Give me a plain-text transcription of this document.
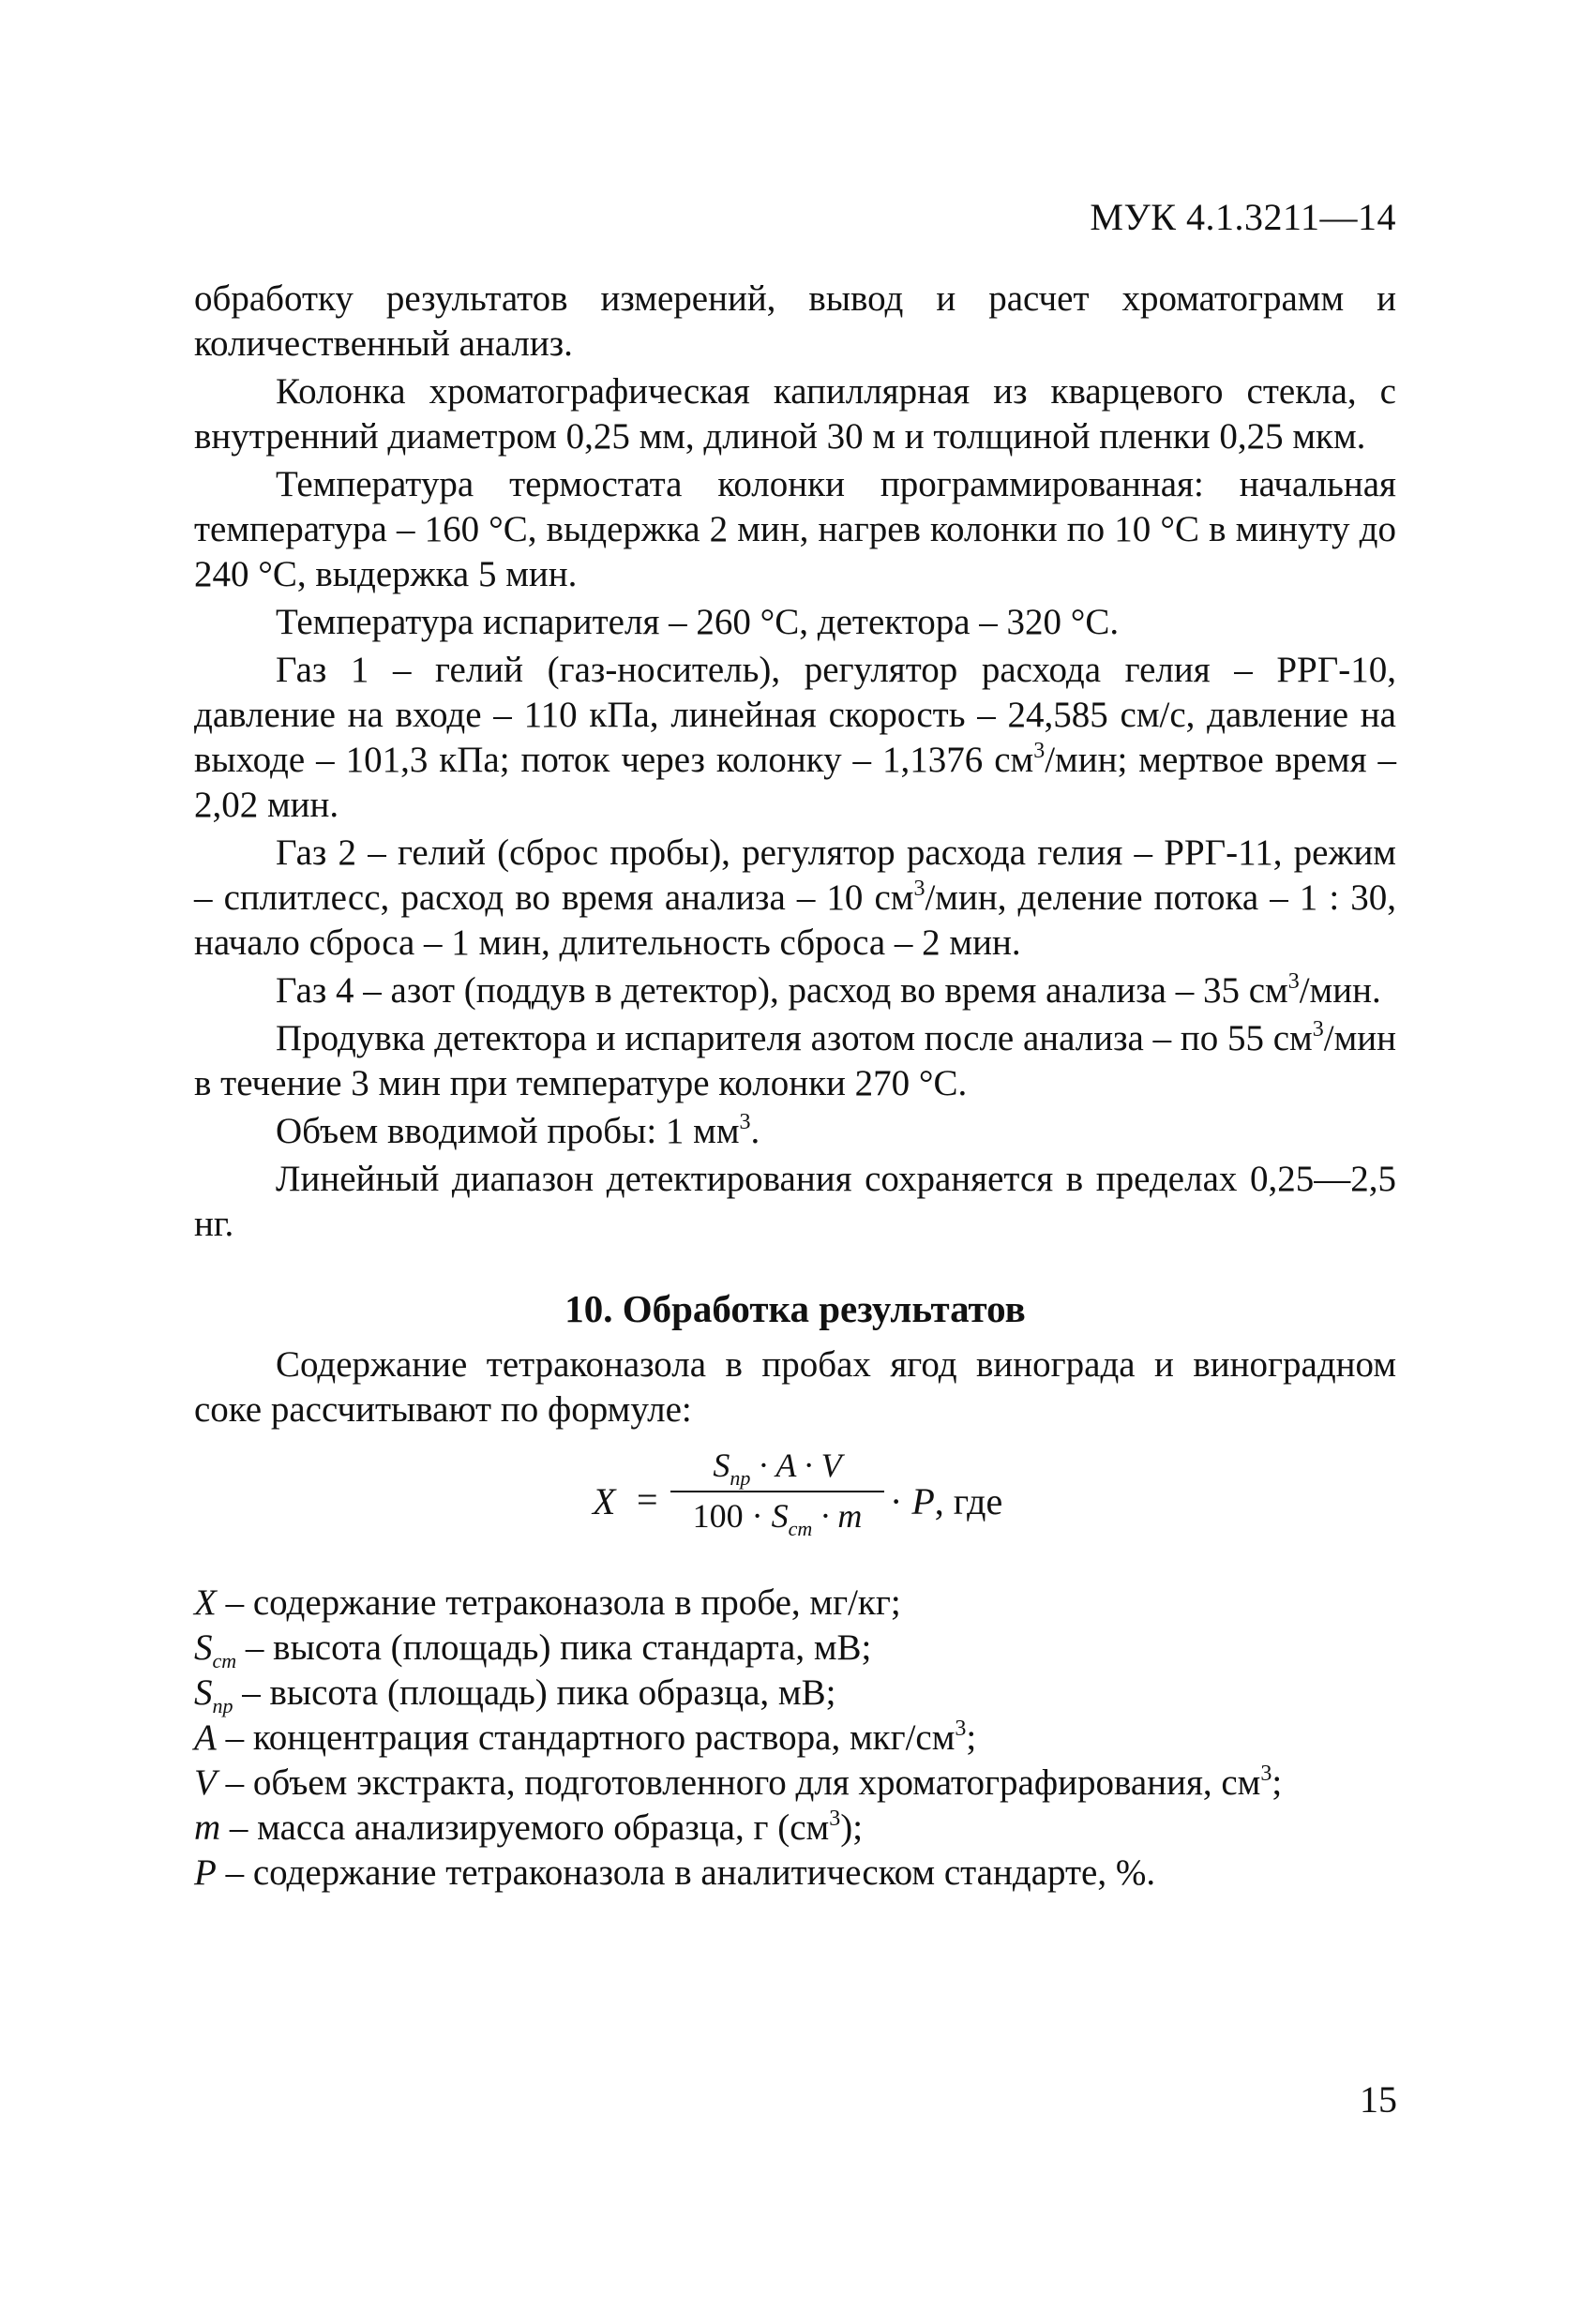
МУК 4.1.3211—14

обработку результатов измерений, вывод и расчет хроматограмм и количественный анализ.

Колонка хроматографическая капиллярная из кварцевого стекла, с внутренний диаметром 0,25 мм, длиной 30 м и толщиной пленки 0,25 мкм.

Температура термостата колонки программированная: начальная температура – 160 °С, выдержка 2 мин, нагрев колонки по 10 °С в минуту до 240 °С, выдержка 5 мин.

Температура испарителя – 260 °С, детектора – 320 °С.

Газ 1 – гелий (газ-носитель), регулятор расхода гелия – РРГ-10, давление на входе – 110 кПа, линейная скорость – 24,585 см/с, давление на выходе – 101,3 кПа; поток через колонку – 1,1376 $см^3$/мин; мертвое время – 2,02 мин.

Газ 2 – гелий (сброс пробы), регулятор расхода гелия – РРГ-11, режим – сплитлесс, расход во время анализа – 10 $см^3$/мин, деление потока – 1 : 30, начало сброса – 1 мин, длительность сброса – 2 мин.

Газ 4 – азот (поддув в детектор), расход во время анализа – 35 $см^3$/мин.

Продувка детектора и испарителя азотом после анализа – по 55 $см^3$/мин в течение 3 мин при температуре колонки 270 °С.

Объем вводимой пробы: 1 $мм^3$.

Линейный диапазон детектирования сохраняется в пределах 0,25—2,5 нг.

10. Обработка результатов

Содержание тетраконазола в пробах ягод винограда и виноградном соке рассчитывают по формуле:

X =
$S_{пр} \cdot A \cdot V$
$100 \cdot S_{ст} \cdot m \cdot P$, где

X – содержание тетраконазола в пробе, мг/кг;

$S_{cm}$ – высота (площадь) пика стандарта, мВ;

$S_{np}$ – высота (площадь) пика образца, мВ;

A – концентрация стандартного раствора, мкг/$см^3$;

V – объем экстракта, подготовленного для хроматографирования, $см^3$;

m – масса анализируемого образца, г $(см^3)$;

P – содержание тетраконазола в аналитическом стандарте, %.

15
